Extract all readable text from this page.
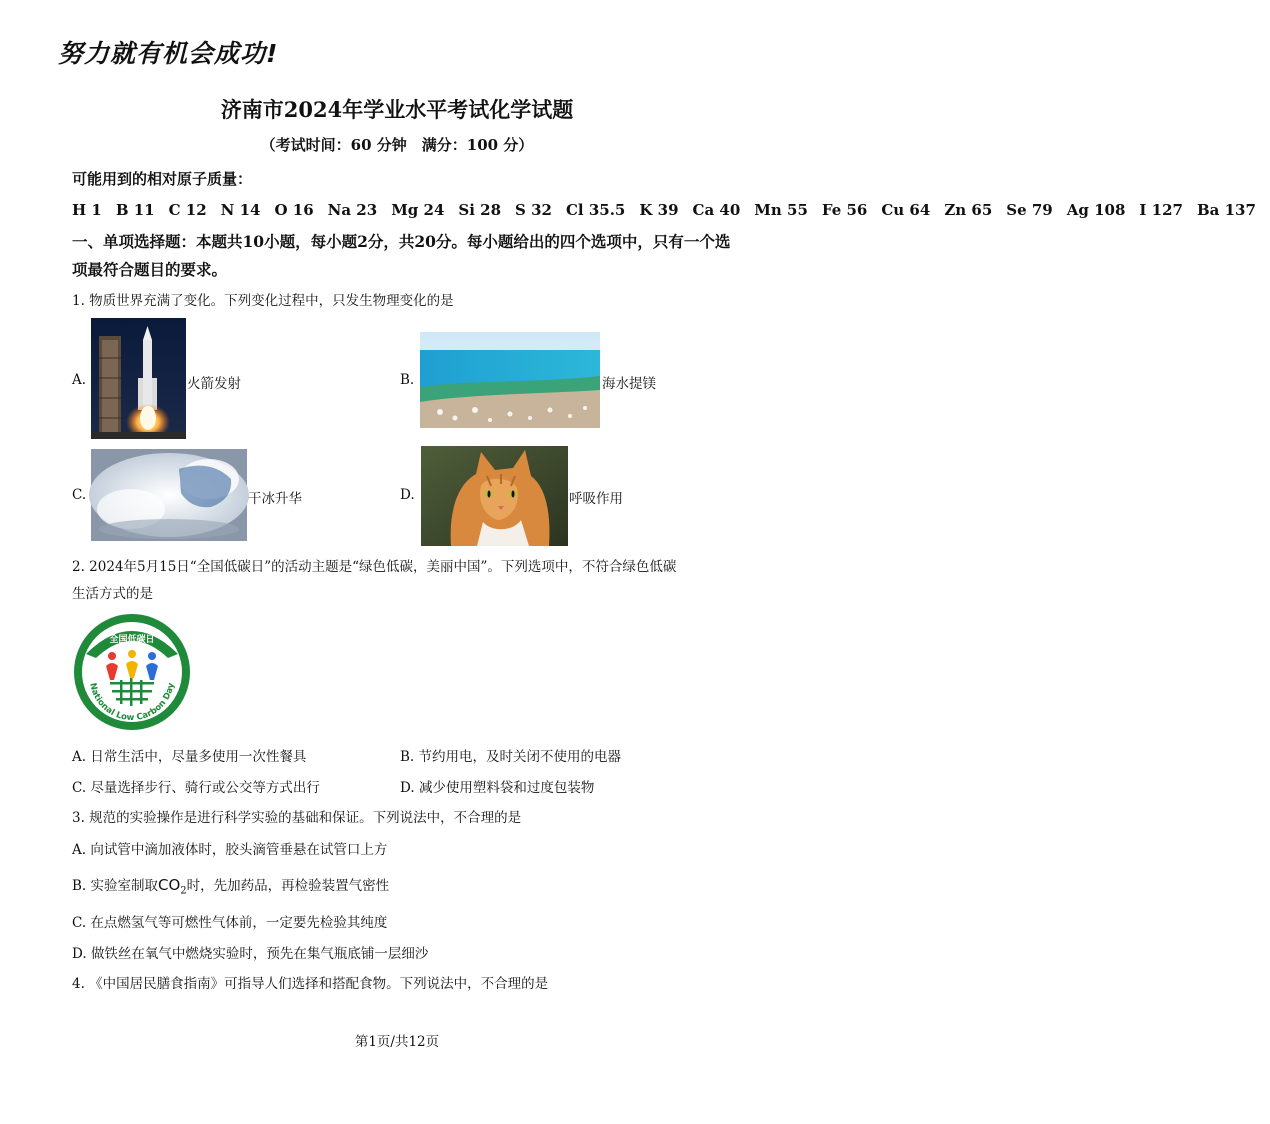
努力就有机会成功!
济南市2024年学业水平考试化学试题
（考试时间：60 分钟　满分：100 分）
可能用到的相对原子质量：H 1 B 11 C 12 N 14 O 16 Na 23 Mg 24 Si 28 S 32 Cl 35.5 K 39 Ca 40 Mn 55 Fe 56 Cu 64 Zn 65 Se 79 Ag 108 I 127 Ba 137
一、单项选择题：本题共10小题，每小题2分，共20分。每小题给出的四个选项中，只有一个选项最符合题目的要求。
1. 物质世界充满了变化。下列变化过程中，只发生物理变化的是
A.	火箭发射	B.	海水提镁
C.	干冰升华	D.	呼吸作用
2. 2024年5月15日“全国低碳日”的活动主题是“绿色低碳，美丽中国”。下列选项中，不符合绿色低碳
生活方式的是
全国低碳日
National Low Carbon Day
A. 日常生活中，尽量多使用一次性餐具	B. 节约用电，及时关闭不使用的电器
C. 尽量选择步行、骑行或公交等方式出行	D. 减少使用塑料袋和过度包装物
3. 规范的实验操作是进行科学实验的基础和保证。下列说法中，不合理的是
A. 向试管中滴加液体时，胶头滴管垂悬在试管口上方
B. 实验室制取$CO_2$时，先加药品，再检验装置气密性
C. 在点燃氢气等可燃性气体前，一定要先检验其纯度
D. 做铁丝在氧气中燃烧实验时，预先在集气瓶底铺一层细沙
4. 《中国居民膳食指南》可指导人们选择和搭配食物。下列说法中，不合理的是
第1页/共12页
